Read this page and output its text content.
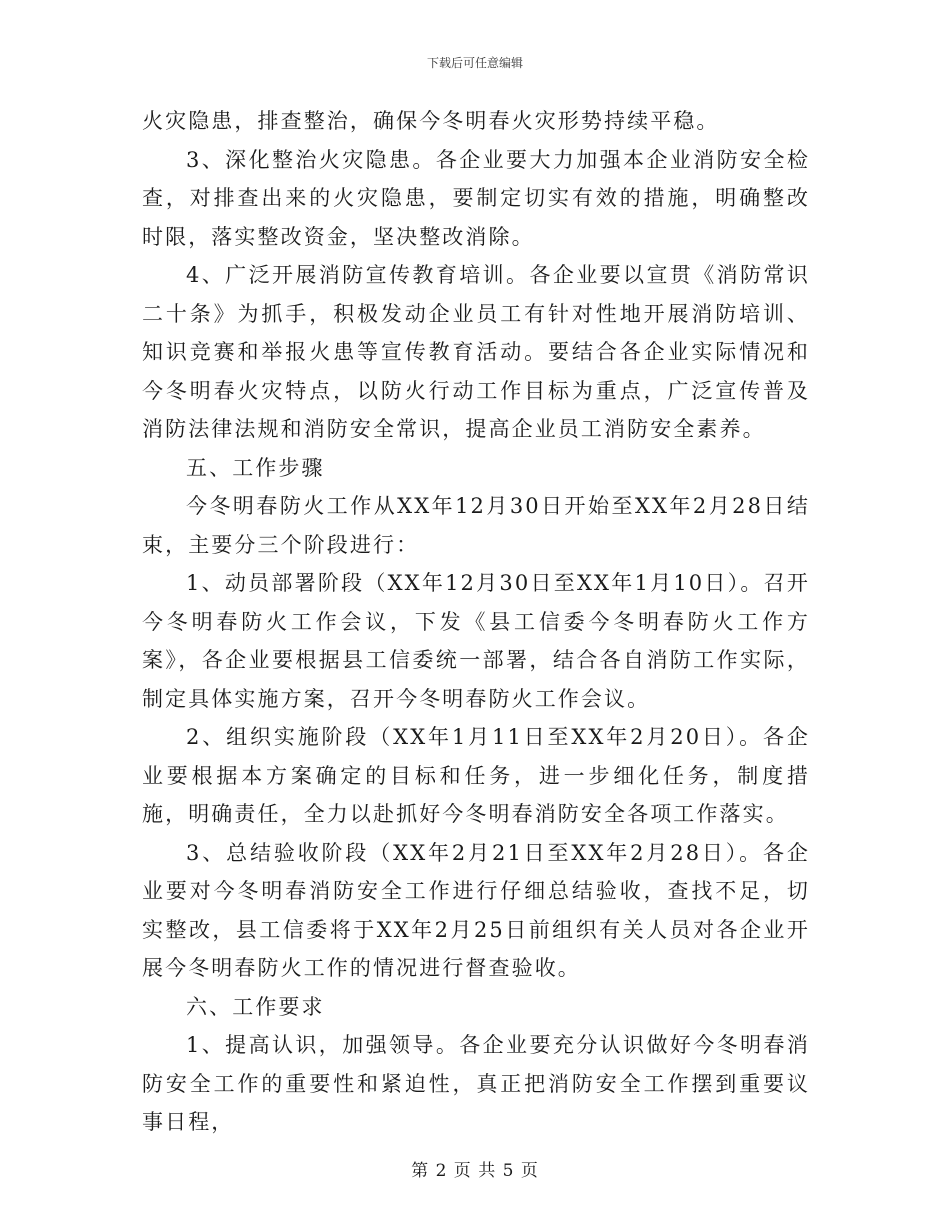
下载后可任意编辑

火灾隐患，排查整治，确保今冬明春火灾形势持续平稳。

3、深化整治火灾隐患。各企业要大力加强本企业消防安全检查，对排查出来的火灾隐患，要制定切实有效的措施，明确整改时限，落实整改资金，坚决整改消除。

4、广泛开展消防宣传教育培训。各企业要以宣贯《消防常识二十条》为抓手，积极发动企业员工有针对性地开展消防培训、知识竞赛和举报火患等宣传教育活动。要结合各企业实际情况和今冬明春火灾特点，以防火行动工作目标为重点，广泛宣传普及消防法律法规和消防安全常识，提高企业员工消防安全素养。

五、工作步骤

今冬明春防火工作从XX年12月30日开始至XX年2月28日结束，主要分三个阶段进行：

1、动员部署阶段（XX年12月30日至XX年1月10日）。召开今冬明春防火工作会议，下发《县工信委今冬明春防火工作方案》，各企业要根据县工信委统一部署，结合各自消防工作实际，制定具体实施方案，召开今冬明春防火工作会议。

2、组织实施阶段（XX年1月11日至XX年2月20日）。各企业要根据本方案确定的目标和任务，进一步细化任务，制度措施，明确责任，全力以赴抓好今冬明春消防安全各项工作落实。

3、总结验收阶段（XX年2月21日至XX年2月28日）。各企业要对今冬明春消防安全工作进行仔细总结验收，查找不足，切实整改，县工信委将于XX年2月25日前组织有关人员对各企业开展今冬明春防火工作的情况进行督查验收。

六、工作要求

1、提高认识，加强领导。各企业要充分认识做好今冬明春消防安全工作的重要性和紧迫性，真正把消防安全工作摆到重要议事日程，

第 2 页 共 5 页
